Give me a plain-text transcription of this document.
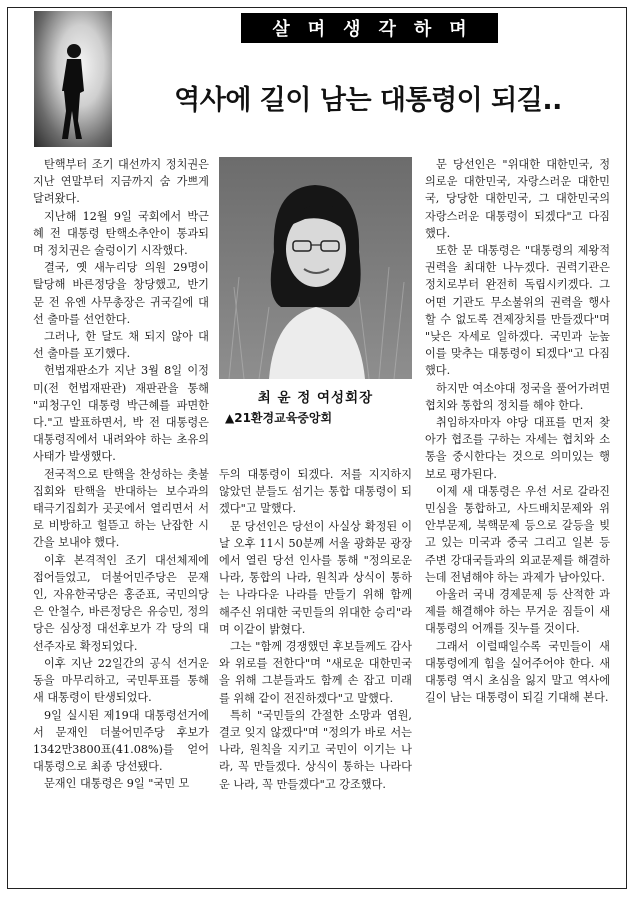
살며생각하며
역사에 길이 남는 대통령이 되길..

탄핵부터 조기 대선까지 정치권은 지난 연말부터 지금까지 숨 가쁘게 달려왔다.

지난해 12월 9일 국회에서 박근혜 전 대통령 탄핵소추안이 통과되며 정치권은 술렁이기 시작했다.

결국, 옛 새누리당 의원 29명이 탈당해 바른정당을 창당했고, 반기문 전 유엔 사무총장은 귀국길에 대선 출마를 선언한다.

그러나, 한 달도 채 되지 않아 대선 출마를 포기했다.

헌법재판소가 지난 3월 8일 이정미(전 헌법재판관) 재판관을 통해 "피청구인 대통령 박근혜를 파면한다."고 발표하면서, 박 전 대통령은 대통령직에서 내려와야 하는 초유의 사태가 발생했다.

전국적으로 탄핵을 찬성하는 촛불집회와 탄핵을 반대하는 보수과의 태극기집회가 곳곳에서 열리면서 서로 비방하고 헐뜯고 하는 난잡한 시간을 보내야 했다.

이후 본격적인 조기 대선체제에 접어들었고, 더불어민주당은 문재인, 자유한국당은 홍준표, 국민의당은 안철수, 바른정당은 유승민, 정의당은 심상정 대선후보가 각 당의 대선주자로 확정되었다.

이후 지난 22일간의 공식 선거운동을 마무리하고, 국민투표를 통해 새 대통령이 탄생되었다.

9일 실시된 제19대 대통령선거에서 문재인 더불어민주당 후보가 1342만3800표(41.08%)를 얻어 대통령으로 최종 당선됐다.

문재인 대통령은 9일 "국민 모

최 윤 정 여성회장
▲21환경교육중앙회

두의 대통령이 되겠다. 저를 지지하지 않았던 분들도 섬기는 통합 대통령이 되겠다"고 말했다.

문 당선인은 당선이 사실상 확정된 이날 오후 11시 50분께 서울 광화문 광장에서 열린 당선 인사를 통해 "정의로운 나라, 통합의 나라, 원칙과 상식이 통하는 나라다운 나라를 만들기 위해 함께 해주신 위대한 국민들의 위대한 승리"라며 이같이 밝혔다.

그는 "함께 경쟁했던 후보들께도 감사와 위로를 전한다"며 "새로운 대한민국을 위해 그분들과도 함께 손 잡고 미래를 위해 같이 전진하겠다"고 말했다.

특히 "국민들의 간절한 소망과 염원, 결코 잊지 않겠다"며 "정의가 바로 서는 나라, 원칙을 지키고 국민이 이기는 나라, 꼭 만들겠다. 상식이 통하는 나라다운 나라, 꼭 만들겠다"고 강조했다.

문 당선인은 "위대한 대한민국, 정의로운 대한민국, 자랑스러운 대한민국, 당당한 대한민국, 그 대한민국의 자랑스러운 대통령이 되겠다"고 다짐했다.

또한 문 대통령은 "대통령의 제왕적 권력을 최대한 나누겠다. 권력기관은 정치로부터 완전히 독립시키겠다. 그 어떤 기관도 무소불위의 권력을 행사할 수 없도록 견제장치를 만들겠다"며 "낮은 자세로 일하겠다. 국민과 눈높이를 맞추는 대통령이 되겠다"고 다짐했다.

하지만 여소야대 정국을 풀어가려면 협치와 통합의 정치를 해야 한다.

취임하자마자 야당 대표를 먼저 찾아가 협조를 구하는 자세는 협치와 소통을 중시한다는 것으로 의미있는 행보로 평가된다.

이제 새 대통령은 우선 서로 갈라진 민심을 통합하고, 사드배치문제와 위안부문제, 북핵문제 등으로 갈등을 빚고 있는 미국과 중국 그리고 일본 등 주변 강대국들과의 외교문제를 해결하는데 전념해야 하는 과제가 남아있다.

아울러 국내 경제문제 등 산적한 과제를 해결해야 하는 무거운 짐들이 새 대통령의 어깨를 짓누를 것이다.

그래서 이럴때일수록 국민들이 새 대통령에게 힘을 실어주어야 한다. 새 대통령 역시 초심을 잃지 말고 역사에 길이 남는 대통령이 되길 기대해 본다.
